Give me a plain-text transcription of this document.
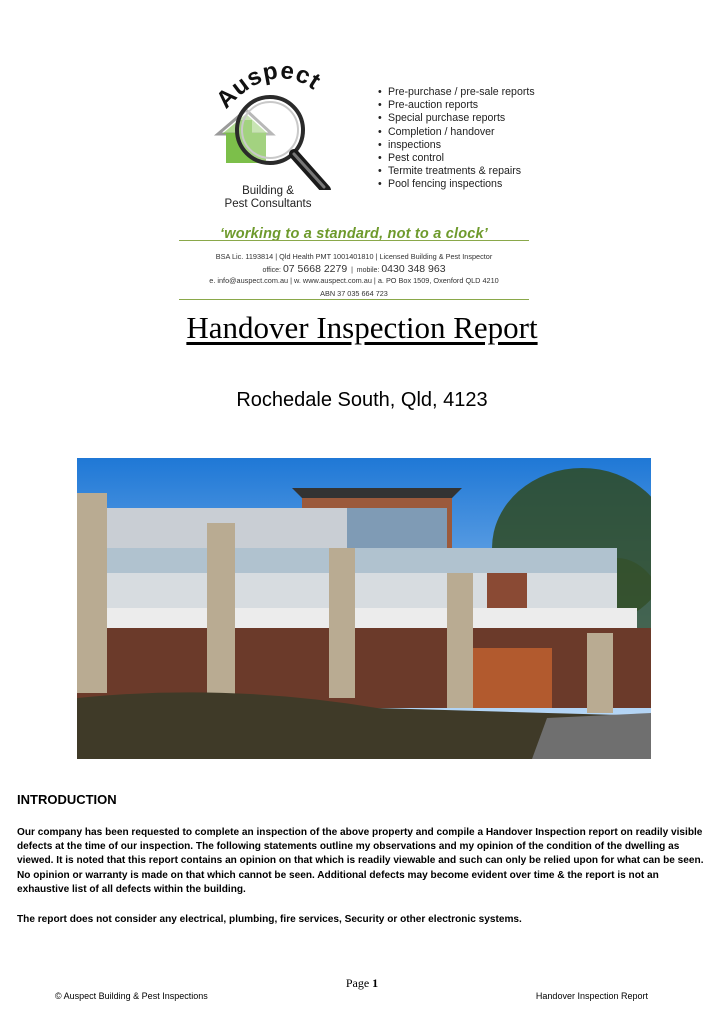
Auspect
Building &
Pest Consultants
• Pre-purchase / pre-sale reports
• Pre-auction reports
• Special purchase reports
• Completion / handover
• inspections
• Pest control
• Termite treatments & repairs
• Pool fencing inspections
‘working to a standard, not to a clock’
BSA Lic. 1193814 | Qld Health PMT 1001401810 | Licensed Building & Pest Inspector
office: 07 5668 2279  |  mobile: 0430 348 963
e. info@auspect.com.au | w. www.auspect.com.au | a. PO Box 1509, Oxenford QLD 4210
ABN 37 035 664 723
Handover Inspection Report
Rochedale South, Qld, 4123
INTRODUCTION

Our company has been requested to complete an inspection of the above property and compile a Handover Inspection report on readily visible defects at the time of our inspection. The following statements outline my observations and my opinion of the condition of the dwelling as viewed. It is noted that this report contains an opinion on that which is readily viewable and such can only be relied upon for what can be seen. No opinion or warranty is made on that which cannot be seen. Additional defects may become evident over time & the report is not an exhaustive list of all defects within the building.

The report does not consider any electrical, plumbing, fire services, Security or other electronic systems.

Page 1
© Auspect Building & Pest Inspections	Handover Inspection Report
